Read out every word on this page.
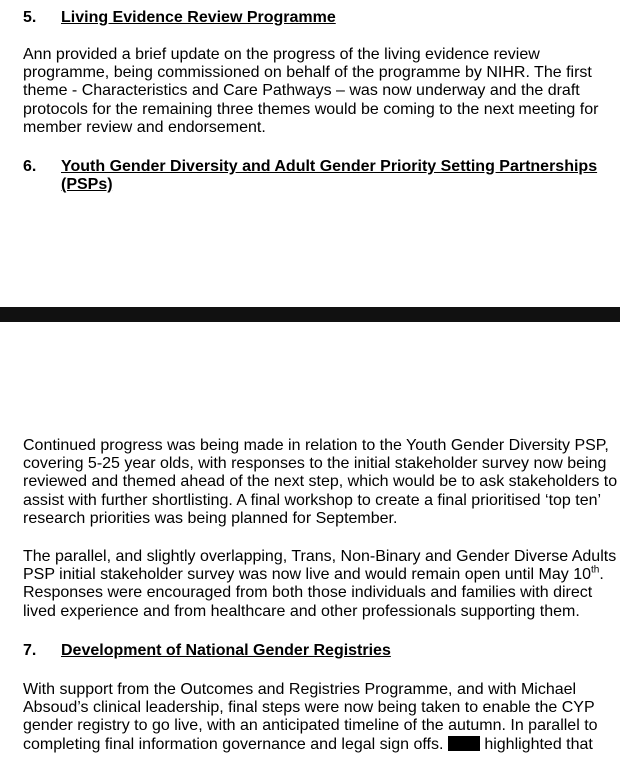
5. Living Evidence Review Programme
Ann provided a brief update on the progress of the living evidence review
programme, being commissioned on behalf of the programme by NIHR. The first
theme - Characteristics and Care Pathways – was now underway and the draft
protocols for the remaining three themes would be coming to the next meeting for
member review and endorsement.
6. Youth Gender Diversity and Adult Gender Priority Setting Partnerships
(PSPs)
Continued progress was being made in relation to the Youth Gender Diversity PSP,
covering 5-25 year olds, with responses to the initial stakeholder survey now being
reviewed and themed ahead of the next step, which would be to ask stakeholders to
assist with further shortlisting. A final workshop to create a final prioritised ‘top ten’
research priorities was being planned for September.
The parallel, and slightly overlapping, Trans, Non-Binary and Gender Diverse Adults
PSP initial stakeholder survey was now live and would remain open until May 10th.
Responses were encouraged from both those individuals and families with direct
lived experience and from healthcare and other professionals supporting them.
7. Development of National Gender Registries
With support from the Outcomes and Registries Programme, and with Michael
Absoud’s clinical leadership, final steps were now being taken to enable the CYP
gender registry to go live, with an anticipated timeline of the autumn. In parallel to
completing final information governance and legal sign offs.	highlighted that
